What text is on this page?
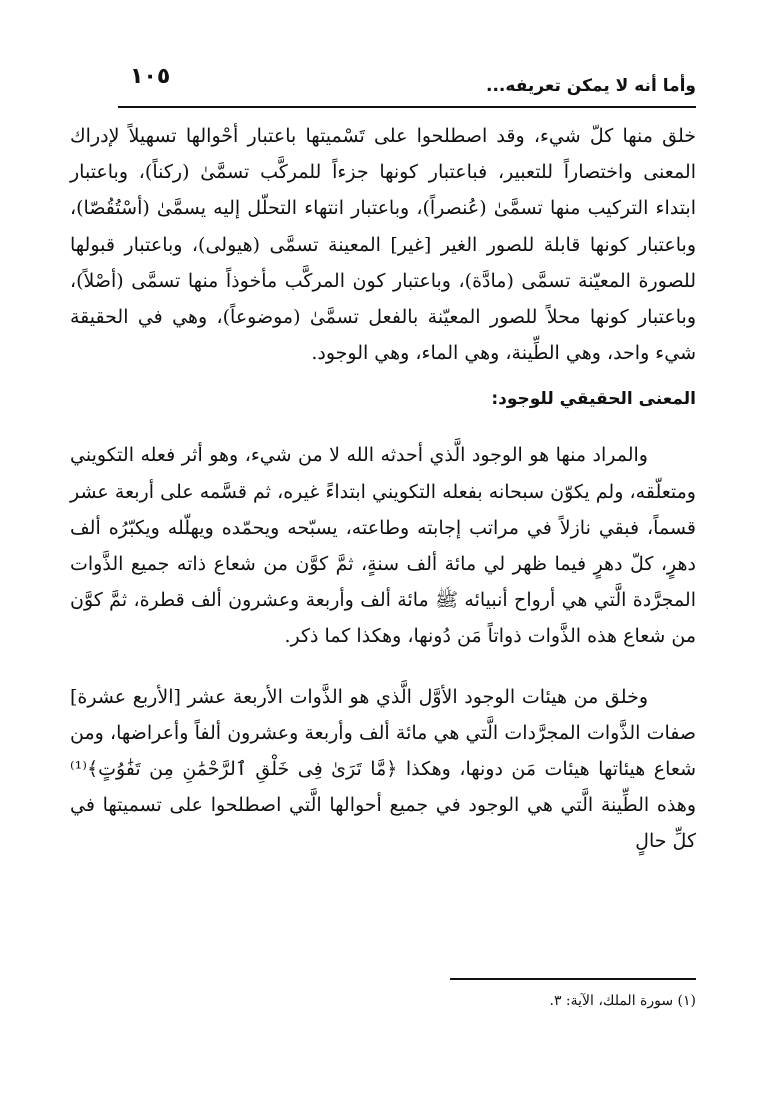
وأما أنه لا يمكن تعريفه...
١٠٥

خلق منها كلّ شيء، وقد اصطلحوا على تَسْميتها باعتبار أحْوالها تسهيلاً لإدراك المعنى واختصاراً للتعبير، فباعتبار كونها جزءاً للمركَّب تسمَّىٰ (ركناً)، وباعتبار ابتداء التركيب منها تسمَّىٰ (عُنصراً)، وباعتبار انتهاء التحلّل إليه يسمَّىٰ (أسْتُقُصّا)، وباعتبار كونها قابلة للصور الغير [غير] المعينة تسمَّى (هيولى)، وباعتبار قبولها للصورة المعيّنة تسمَّى (مادَّة)، وباعتبار كون المركَّب مأخوذاً منها تسمَّى (أصْلاً)، وباعتبار كونها محلاً للصور المعيّنة بالفعل تسمَّىٰ (موضوعاً)، وهي في الحقيقة شيء واحد، وهي الطِّينة، وهي الماء، وهي الوجود.

المعنى الحقيقي للوجود:

والمراد منها هو الوجود الَّذي أحدثه الله لا من شيء، وهو أثر فعله التكويني ومتعلّقه، ولم يكوّن سبحانه بفعله التكويني ابتداءً غيره، ثم قسَّمه على أربعة عشر قسماً، فبقي نازلاً في مراتب إجابته وطاعته، يسبّحه ويحمّده ويهلّله ويكبّرُه ألف دهرٍ، كلّ دهرٍ فيما ظهر لي مائة ألف سنةٍ، ثمَّ كوَّن من شعاع ذاته جميع الذَّوات المجرَّدة الَّتي هي أرواح أنبيائه ﷺ مائة ألف وأربعة وعشرون ألف قطرة، ثمَّ كوَّن من شعاع هذه الذَّوات ذواتاً مَن دُونها، وهكذا كما ذكر.

وخلق من هيئات الوجود الأوَّل الَّذي هو الذَّوات الأربعة عشر [الأربع عشرة] صفات الذَّوات المجرَّدات الَّتي هي مائة ألف وأربعة وعشرون ألفاً وأعراضها، ومن شعاع هيئاتها هيئات مَن دونها، وهكذا ﴿مَّا تَرَىٰ فِى خَلْقِ ٱلرَّحْمَٰنِ مِن تَفَٰوُتٍ﴾⁽¹⁾ وهذه الطِّينة الَّتي هي الوجود في جميع أحوالها الَّتي اصطلحوا على تسميتها في كلِّ حالٍ

(١) سورة الملك، الآية: ٣.
